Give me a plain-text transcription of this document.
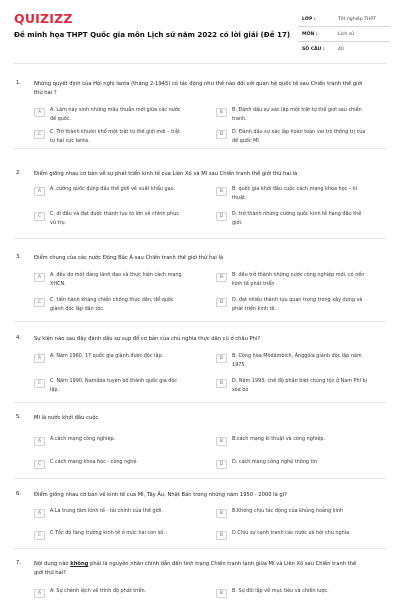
QUIZIZZ
Đề minh họa THPT Quốc gia môn Lịch sử năm 2022 có lời giải (Đề 17)
LỚP :	Tốt nghiệp THPT
MÔN :	Lịch sử
SỐ CÂU :	40
1.	Những quyết định của Hội nghị Ianta (tháng 2-1945) có tác động như thế nào đối với quan hệ quốc tế sau Chiến tranh thế giới thứ hai ?
A	A. Làm nảy sinh những mâu thuẫn mới giữa các nước đế quốc.
B	B. Đánh dấu sự xác lập một trật tự thế giới sau chiến tranh.
C	C. Trở thành khuôn khổ một trật tự thế giới mới – trật tự hai cực Ianta.
D	D. Đánh dấu sự xác lập hoàn toàn vai trò thống trị của đế quốc Mĩ
2.	Điểm giống nhau cơ bản về sự phát triển kinh tế của Liên Xô và Mĩ sau Chiến tranh thế giới thứ hai là
A	A. cường quốc đứng đầu thế giới về xuất khẩu gạo.	B	B. quốc gia khởi đầu cuộc cách mạng khoa học – kĩ thuật.
C	C. đi đầu và đạt được thành tựu to lớn về chinh phục vũ trụ.
D	D. trở thành những cường quốc kinh tế hàng đầu thế giới.
3.	Điểm chung của các nước Đông Bắc Á sau Chiến tranh thế giới thứ hai là
A	A. đều do một đảng lãnh đạo và thực hiện cách mạng XHCN.
B	B. đều trở thành những nước công nghiệp mới, có nền kinh tế phát triển
C	C. tiến hành kháng chiến chống thực dân, để quốc giành độc lập dân tộc.
D	D. đạt nhiều thành tựu quan trọng trong xây dựng và phát triển kinh tế.
4.	Sự kiện nào sau đây đánh dấu sự sụp đổ cơ bản của chủ nghĩa thực dân cũ ở châu Phi?
A	A. Năm 1960, 17 quốc gia giành được độc lập.	B	B. Cộng hòa Môdămbích, Ănggôla giành độc lập năm 1975
C	C. Năm 1990, Namibia tuyên bố thành quốc gia độc lập.
D	D. Năm 1993, chế độ phân biệt chủng tộc ở Nam Phi bị xóa bỏ
5.	Mĩ là nước khởi đầu cuộc
A	A.cách mạng công nghiệp.	B	B.cách mạng kĩ thuật và công nghiệp.
C	C.cách mạng khoa học - công nghệ.	D	D. cách mạng công nghệ thông tin
6.	Điểm giống nhau cơ bản về kinh tế của Mĩ, Tây Âu, Nhật Bản trong những năm 1950 - 2000 là gì?
A	A.Là trung tâm kinh tế - tài chính của thế giới.	B	B.Không chịu tác động của khủng hoảng kinh
C	C.Tốc độ tăng trưởng kinh tế ở mức hai con số.	D	D.Chịu sự cạnh tranh các nước xã hội chủ nghĩa.
7.	Nội dung nào không phải là nguyên nhân chính dẫn đến tình trạng Chiến tranh lạnh giữa Mĩ và Liên Xô sau Chiến tranh thế giới thứ hai?
A	A. Sự chênh lệch về trình độ phát triển.	B	B. Sự đối lập về mục tiêu và chiến lược.
